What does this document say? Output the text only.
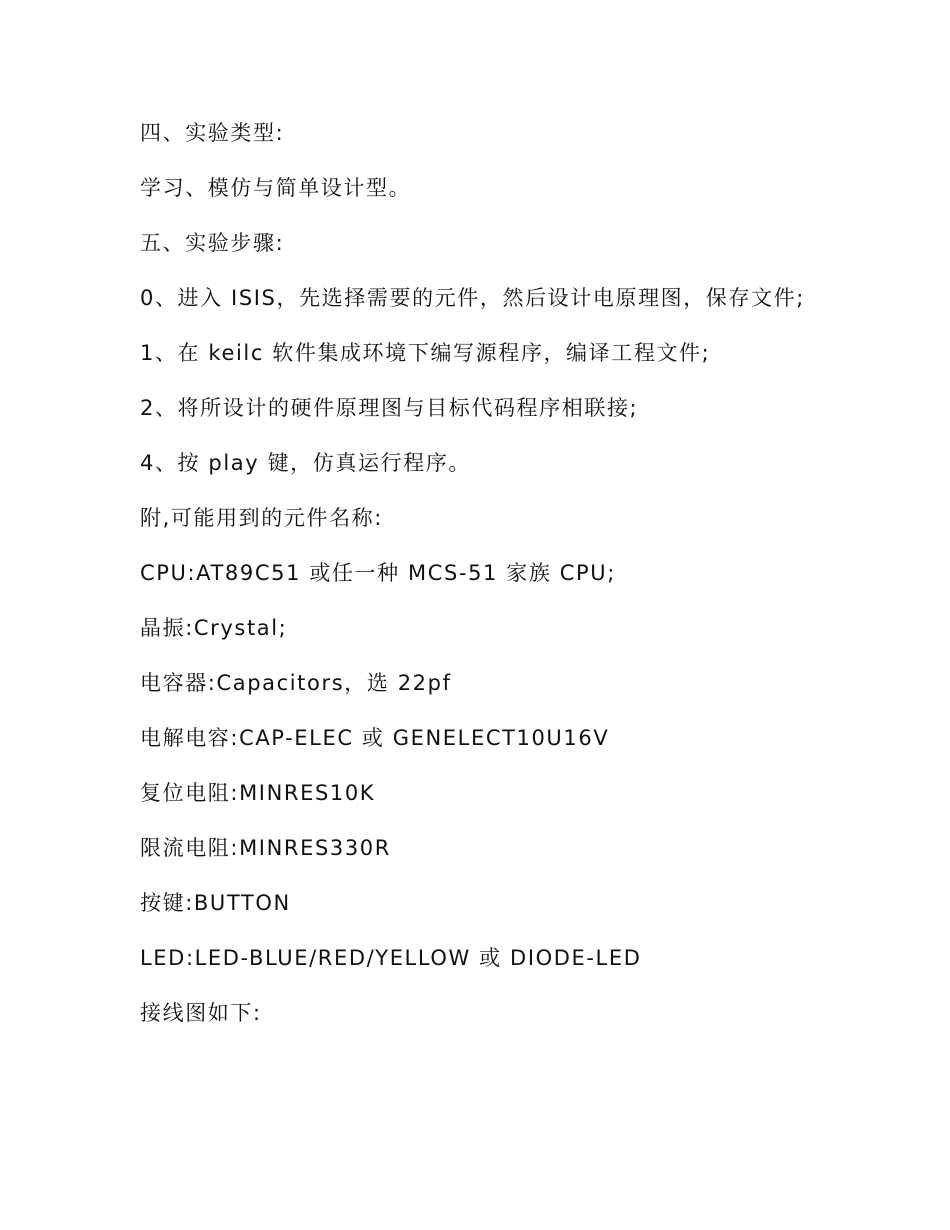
四、实验类型:

学习、模仿与简单设计型。

五、实验步骤:

0、进入 ISIS，先选择需要的元件，然后设计电原理图，保存文件;

1、在 keilc 软件集成环境下编写源程序，编译工程文件;

2、将所设计的硬件原理图与目标代码程序相联接;

4、按 play 键，仿真运行程序。

附,可能用到的元件名称:

CPU:AT89C51 或任一种 MCS-51 家族 CPU;

晶振:Crystal;

电容器:Capacitors，选 22pf

电解电容:CAP-ELEC 或 GENELECT10U16V

复位电阻:MINRES10K

限流电阻:MINRES330R

按键:BUTTON

LED:LED-BLUE/RED/YELLOW 或 DIODE-LED

接线图如下:
